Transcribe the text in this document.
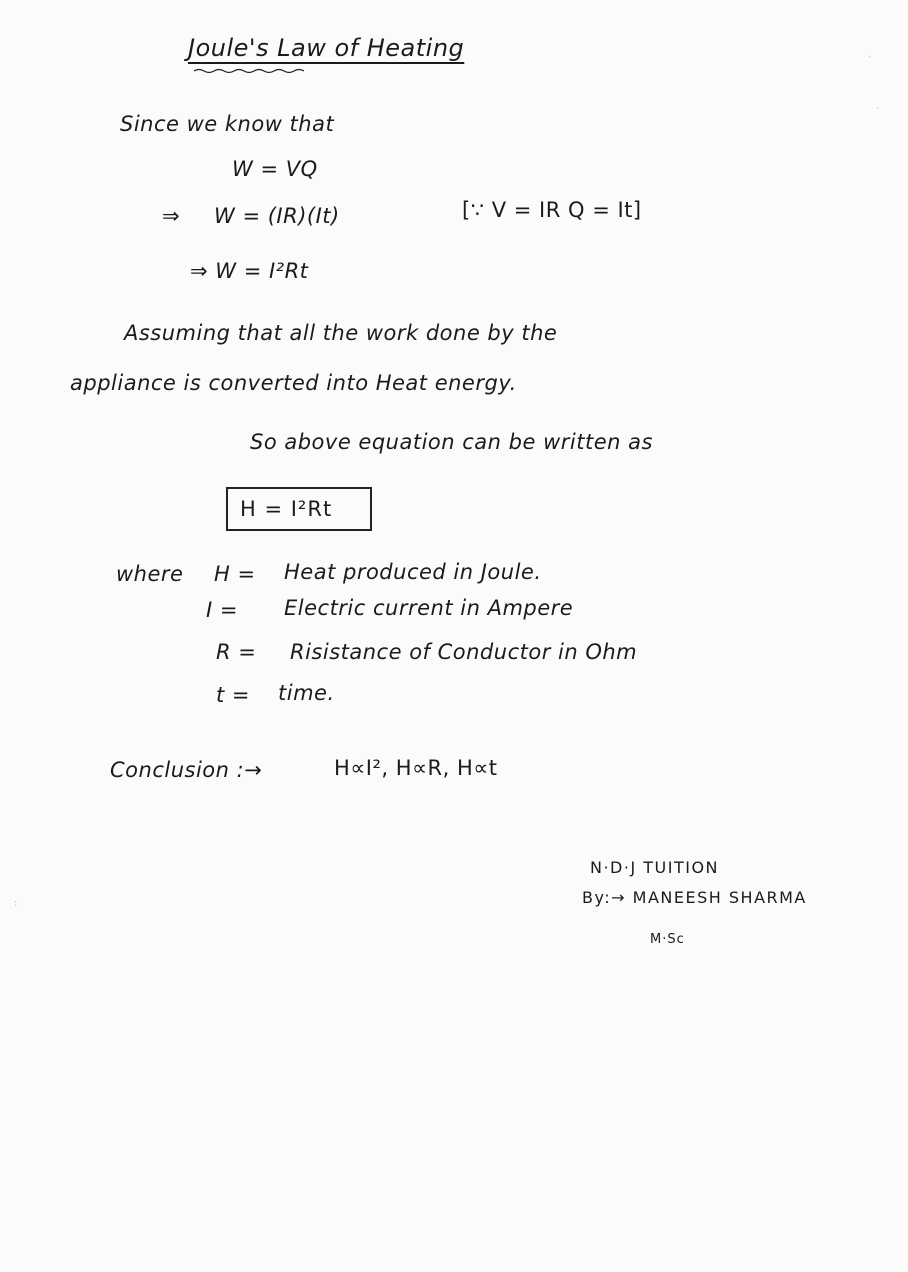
Joule's Law of Heating
Since we know that
W = VQ
⇒ W = (IR)(It)	[∵ V = IR Q = It]
⇒ W = I²Rt
Assuming that all the work done by the
appliance is converted into Heat energy.
So above equation can be written as
H = I²Rt
where H = Heat produced in Joule.
I = Electric current in Ampere
R = Risistance of Conductor in Ohm
t = time.
Conclusion :→	H∝I², H∝R, H∝t
N·D·J TUITION
By:→ MANEESH SHARMA
M·Sc
·
·
:
